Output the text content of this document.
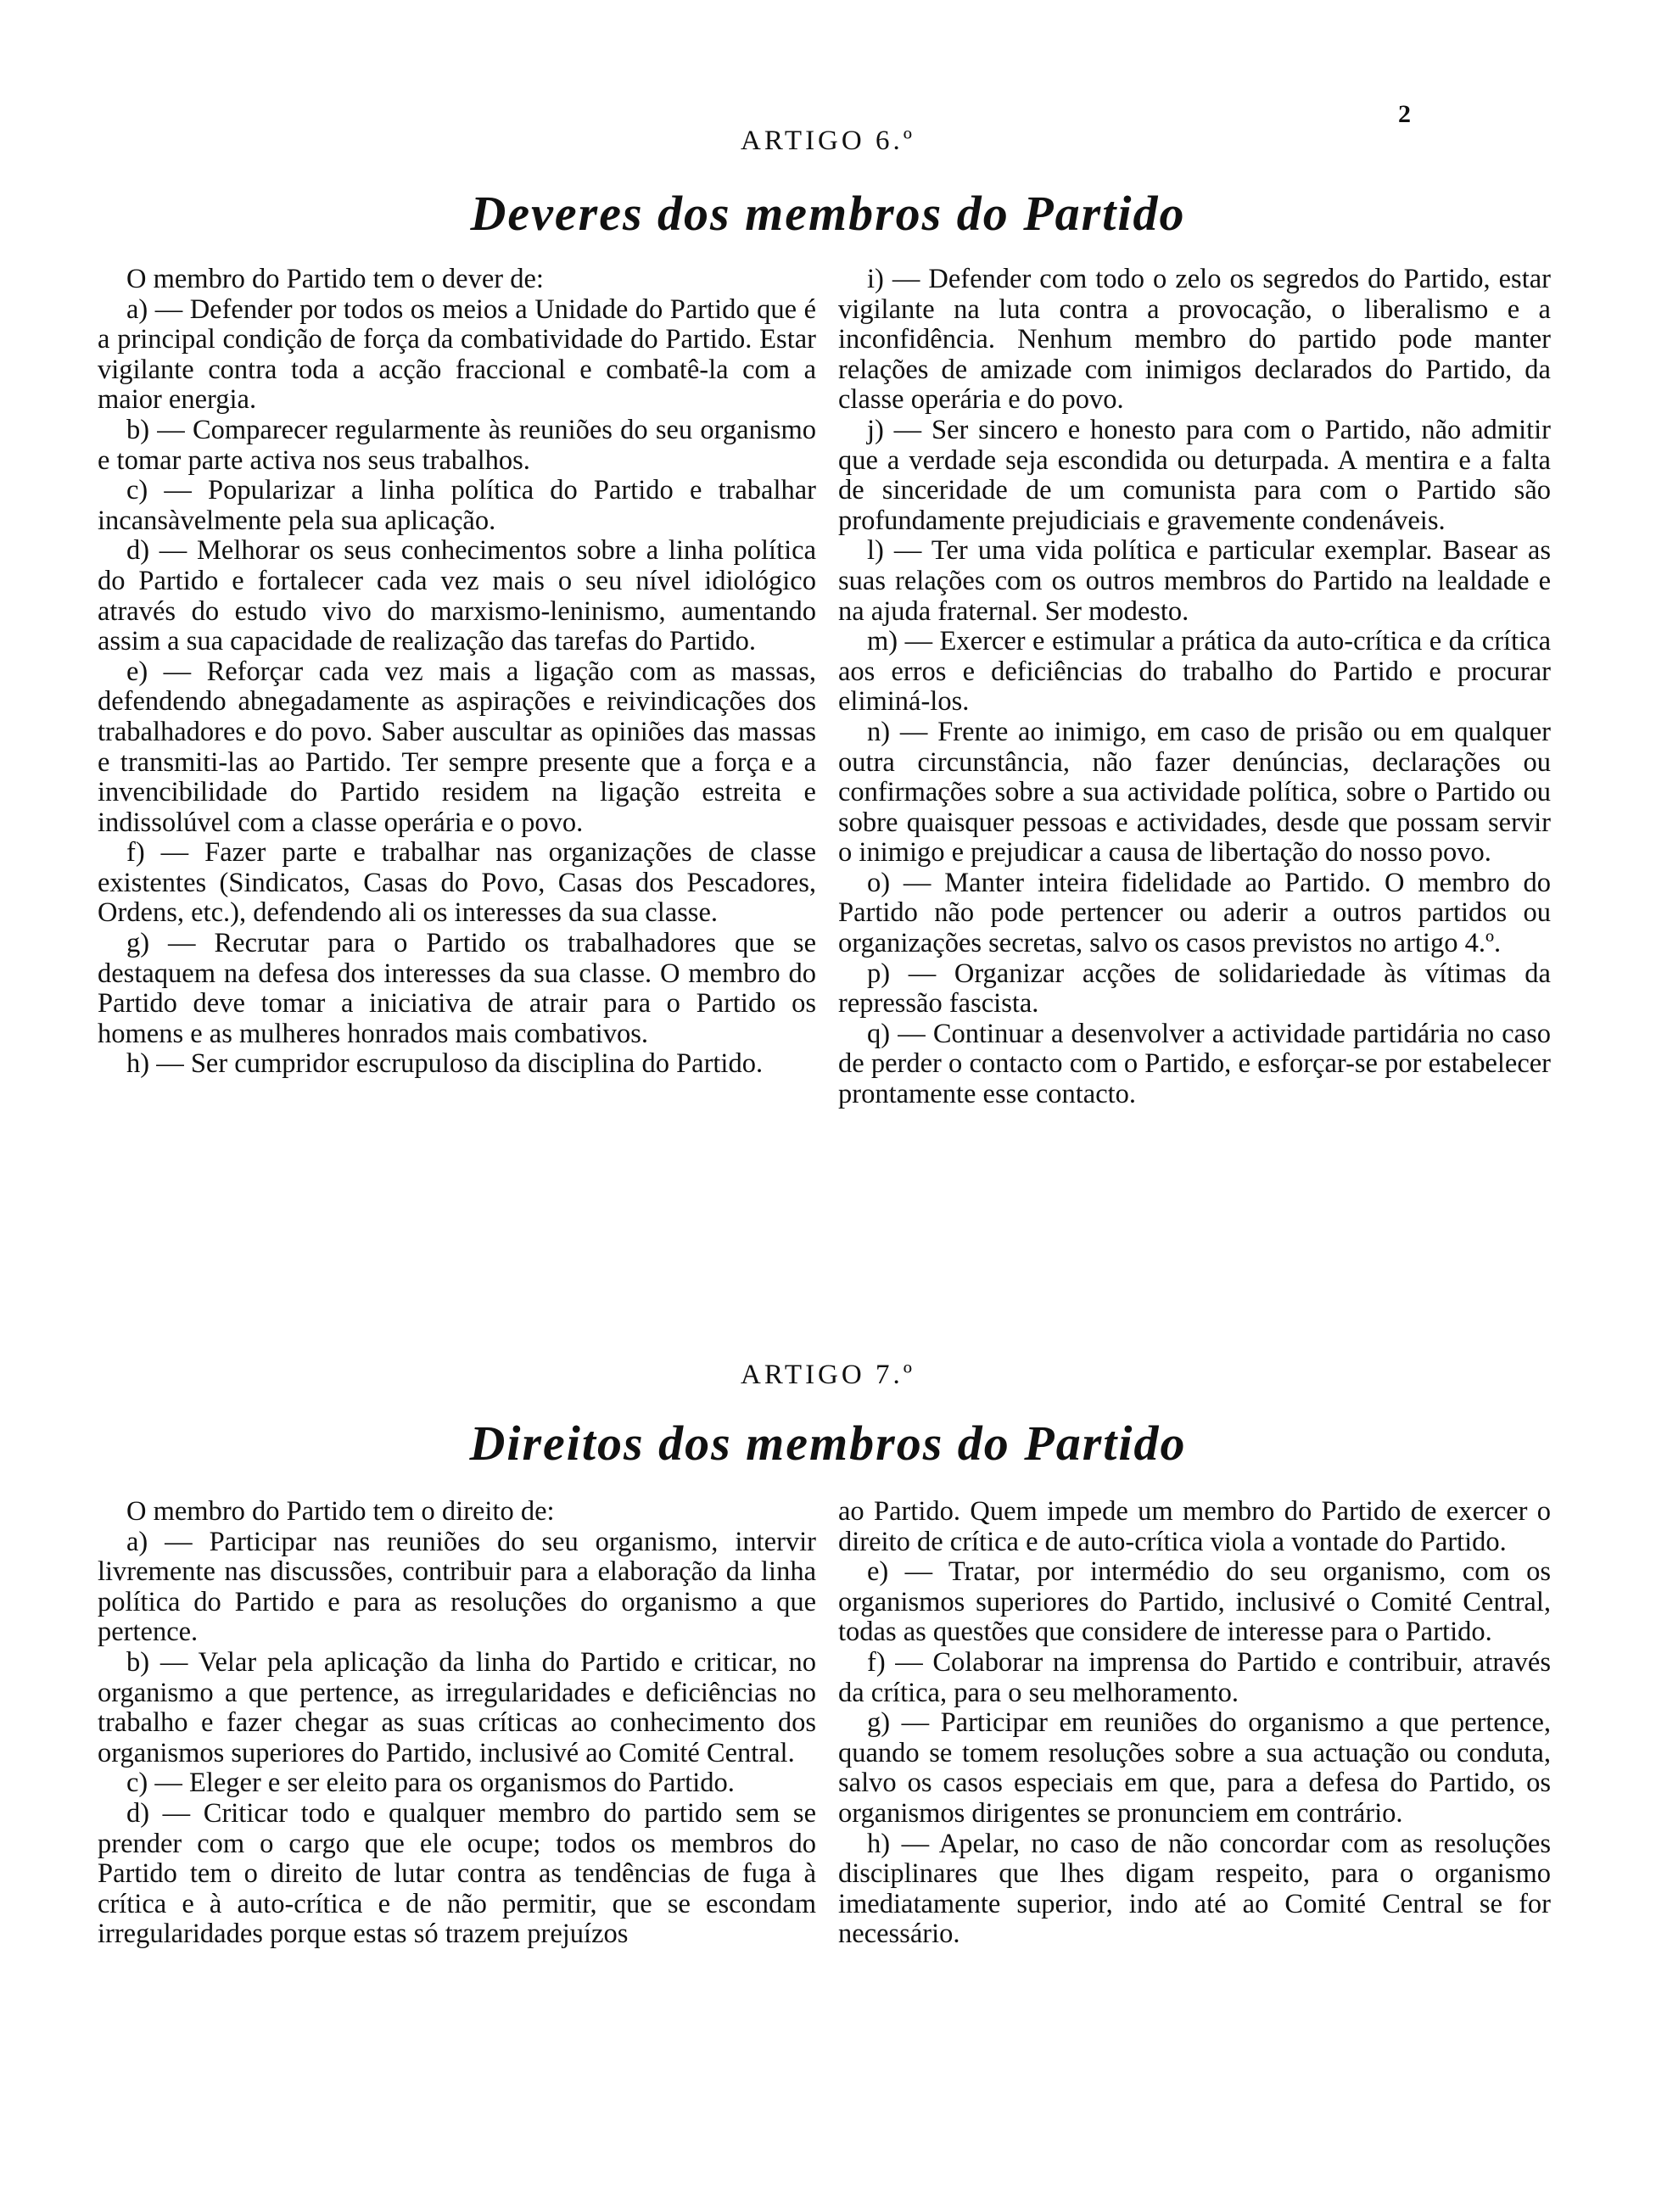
2
ARTIGO 6.º
Deveres dos membros do Partido

O membro do Partido tem o dever de:

a) — Defender por todos os meios a Unidade do Partido que é a principal condição de força da combatividade do Partido. Estar vigilante contra toda a acção fraccional e combatê-la com a maior energia.

b) — Comparecer regularmente às reuniões do seu organismo e tomar parte activa nos seus trabalhos.

c) — Popularizar a linha política do Partido e trabalhar incansàvelmente pela sua aplicação.

d) — Melhorar os seus conhecimentos sobre a linha política do Partido e fortalecer cada vez mais o seu nível idiológico através do estudo vivo do marxismo-leninismo, aumentando assim a sua capacidade de realização das tarefas do Partido.

e) — Reforçar cada vez mais a ligação com as massas, defendendo abnegadamente as aspirações e reivindicações dos trabalhadores e do povo. Saber auscultar as opiniões das massas e transmiti-las ao Partido. Ter sempre presente que a força e a invencibilidade do Partido residem na ligação estreita e indissolúvel com a classe operária e o povo.

f) — Fazer parte e trabalhar nas organizações de classe existentes (Sindicatos, Casas do Povo, Casas dos Pescadores, Ordens, etc.), defendendo ali os interesses da sua classe.

g) — Recrutar para o Partido os trabalhadores que se destaquem na defesa dos interesses da sua classe. O membro do Partido deve tomar a iniciativa de atrair para o Partido os homens e as mulheres honrados mais combativos.

h) — Ser cumpridor escrupuloso da disciplina do Partido.

i) — Defender com todo o zelo os segredos do Partido, estar vigilante na luta contra a provocação, o liberalismo e a inconfidência. Nenhum membro do partido pode manter relações de amizade com inimigos declarados do Partido, da classe operária e do povo.

j) — Ser sincero e honesto para com o Partido, não admitir que a verdade seja escondida ou deturpada. A mentira e a falta de sinceridade de um comunista para com o Partido são profundamente prejudiciais e gravemente condenáveis.

l) — Ter uma vida política e particular exemplar. Basear as suas relações com os outros membros do Partido na lealdade e na ajuda fraternal. Ser modesto.

m) — Exercer e estimular a prática da auto-crítica e da crítica aos erros e deficiências do trabalho do Partido e procurar eliminá-los.

n) — Frente ao inimigo, em caso de prisão ou em qualquer outra circunstância, não fazer denúncias, declarações ou confirmações sobre a sua actividade política, sobre o Partido ou sobre quaisquer pessoas e actividades, desde que possam servir o inimigo e prejudicar a causa de libertação do nosso povo.

o) — Manter inteira fidelidade ao Partido. O membro do Partido não pode pertencer ou aderir a outros partidos ou organizações secretas, salvo os casos previstos no artigo 4.º.

p) — Organizar acções de solidariedade às vítimas da repressão fascista.

q) — Continuar a desenvolver a actividade partidária no caso de perder o contacto com o Partido, e esforçar-se por estabelecer prontamente esse contacto.

ARTIGO 7.º
Direitos dos membros do Partido

O membro do Partido tem o direito de:

a) — Participar nas reuniões do seu organismo, intervir livremente nas discussões, contribuir para a elaboração da linha política do Partido e para as resoluções do organismo a que pertence.

b) — Velar pela aplicação da linha do Partido e criticar, no organismo a que pertence, as irregularidades e deficiências no trabalho e fazer chegar as suas críticas ao conhecimento dos organismos superiores do Partido, inclusivé ao Comité Central.

c) — Eleger e ser eleito para os organismos do Partido.

d) — Criticar todo e qualquer membro do partido sem se prender com o cargo que ele ocupe; todos os membros do Partido tem o direito de lutar contra as tendências de fuga à crítica e à auto-crítica e de não permitir, que se escondam irregularidades porque estas só trazem prejuízos

ao Partido. Quem impede um membro do Partido de exercer o direito de crítica e de auto-crítica viola a vontade do Partido.

e) — Tratar, por intermédio do seu organismo, com os organismos superiores do Partido, inclusivé o Comité Central, todas as questões que considere de interesse para o Partido.

f) — Colaborar na imprensa do Partido e contribuir, através da crítica, para o seu melhoramento.

g) — Participar em reuniões do organismo a que pertence, quando se tomem resoluções sobre a sua actuação ou conduta, salvo os casos especiais em que, para a defesa do Partido, os organismos dirigentes se pronunciem em contrário.

h) — Apelar, no caso de não concordar com as resoluções disciplinares que lhes digam respeito, para o organismo imediatamente superior, indo até ao Comité Central se for necessário.
